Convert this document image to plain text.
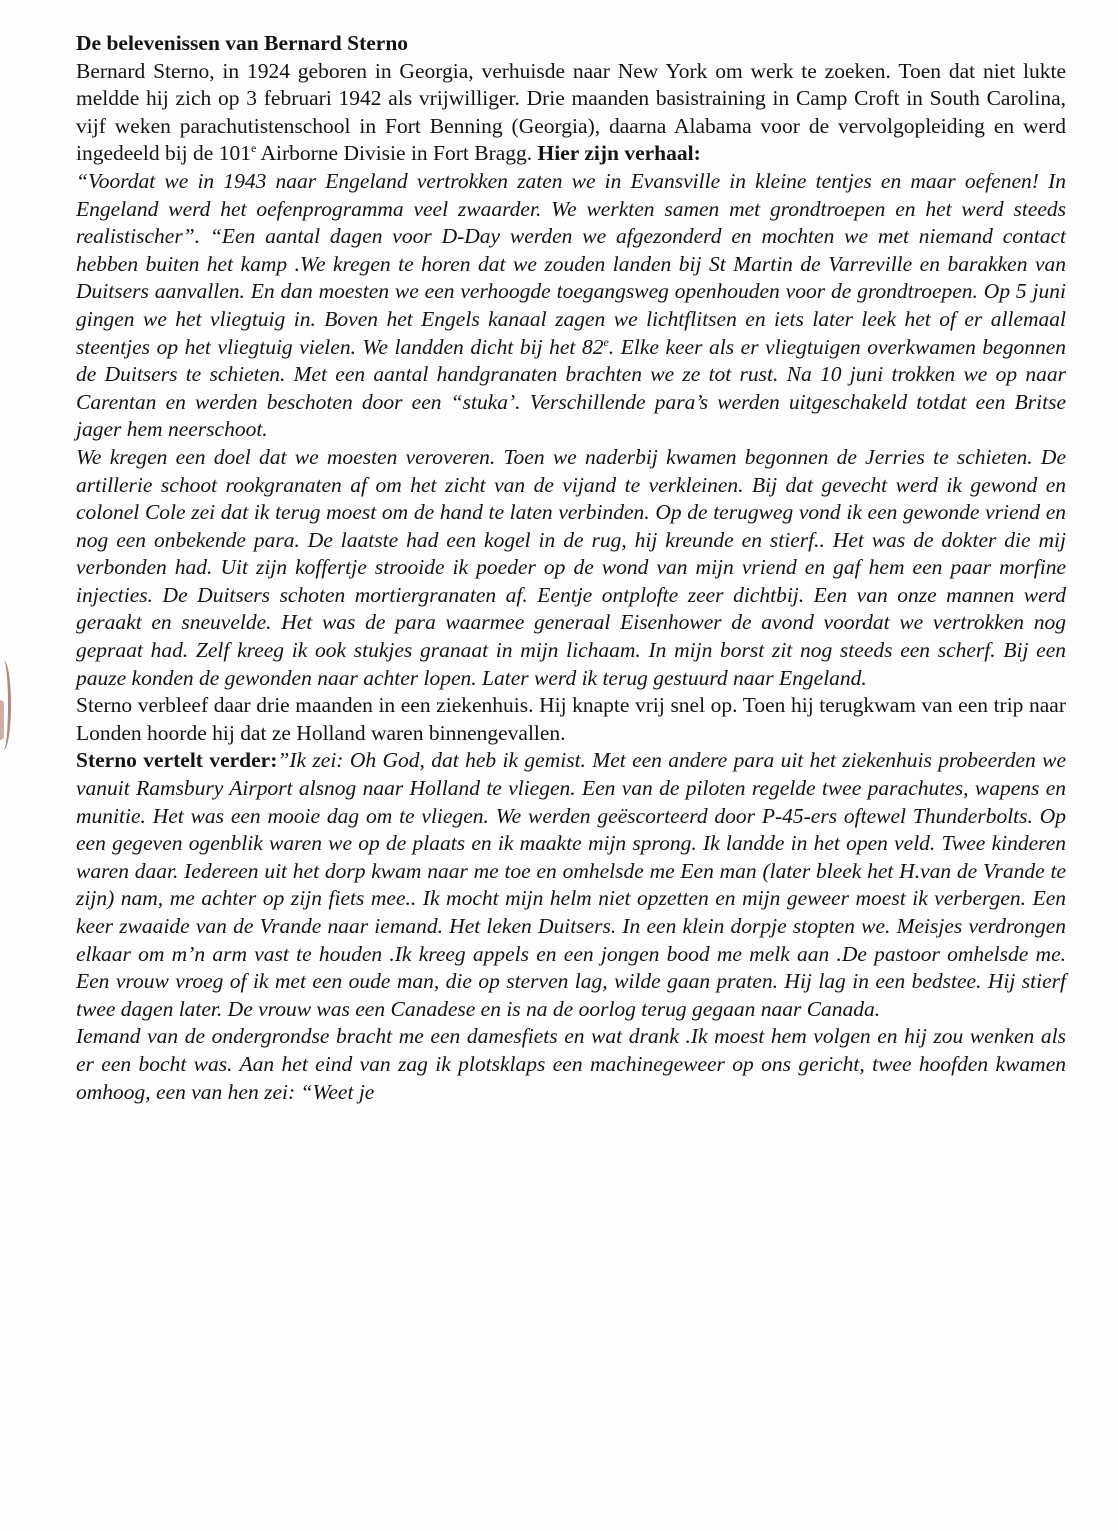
De belevenissen van Bernard Sterno

Bernard Sterno, in 1924 geboren in Georgia, verhuisde naar New York om werk te zoeken. Toen dat niet lukte meldde hij zich op 3 februari 1942 als vrijwilliger. Drie maanden basistraining in Camp Croft in South Carolina, vijf weken parachutistenschool in Fort Benning (Georgia), daarna Alabama voor de vervolgopleiding en werd ingedeeld bij de 101e Airborne Divisie in Fort Bragg. Hier zijn verhaal:

“Voordat we in 1943 naar Engeland vertrokken zaten we in Evansville in kleine tentjes en maar oefenen! In Engeland werd het oefenprogramma veel zwaarder. We werkten samen met grondtroepen en het werd steeds realistischer”. “Een aantal dagen voor D-Day werden we afgezonderd en mochten we met niemand contact hebben buiten het kamp .We kregen te horen dat we zouden landen bij St Martin de Varreville en barakken van Duitsers aanvallen. En dan moesten we een verhoogde toegangsweg openhouden voor de grondtroepen. Op 5 juni gingen we het vliegtuig in. Boven het Engels kanaal zagen we lichtflitsen en iets later leek het of er allemaal steentjes op het vliegtuig vielen. We landden dicht bij het 82e. Elke keer als er vliegtuigen overkwamen begonnen de Duitsers te schieten. Met een aantal handgranaten brachten we ze tot rust. Na 10 juni trokken we op naar Carentan en werden beschoten door een “stuka’. Verschillende para’s werden uitgeschakeld totdat een Britse jager hem neerschoot.

We kregen een doel dat we moesten veroveren. Toen we naderbij kwamen begonnen de Jerries te schieten. De artillerie schoot rookgranaten af om het zicht van de vijand te verkleinen. Bij dat gevecht werd ik gewond en colonel Cole zei dat ik terug moest om de hand te laten verbinden. Op de terugweg vond ik een gewonde vriend en nog een onbekende para. De laatste had een kogel in de rug, hij kreunde en stierf.. Het was de dokter die mij verbonden had. Uit zijn koffertje strooide ik poeder op de wond van mijn vriend en gaf hem een paar morfine injecties. De Duitsers schoten mortiergranaten af. Eentje ontplofte zeer dichtbij. Een van onze mannen werd geraakt en sneuvelde. Het was de para waarmee generaal Eisenhower de avond voordat we vertrokken nog gepraat had. Zelf kreeg ik ook stukjes granaat in mijn lichaam. In mijn borst zit nog steeds een scherf. Bij een pauze konden de gewonden naar achter lopen. Later werd ik terug gestuurd naar Engeland.

Sterno verbleef daar drie maanden in een ziekenhuis. Hij knapte vrij snel op. Toen hij terugkwam van een trip naar Londen hoorde hij dat ze Holland waren binnengevallen.

Sterno vertelt verder:”Ik zei: Oh God, dat heb ik gemist. Met een andere para uit het ziekenhuis probeerden we vanuit Ramsbury Airport alsnog naar Holland te vliegen. Een van de piloten regelde twee parachutes, wapens en munitie. Het was een mooie dag om te vliegen. We werden geëscorteerd door P-45-ers oftewel Thunderbolts. Op een gegeven ogenblik waren we op de plaats en ik maakte mijn sprong. Ik landde in het open veld. Twee kinderen waren daar. Iedereen uit het dorp kwam naar me toe en omhelsde me Een man (later bleek het H.van de Vrande te zijn) nam, me achter op zijn fiets mee.. Ik mocht mijn helm niet opzetten en mijn geweer moest ik verbergen. Een keer zwaaide van de Vrande naar iemand. Het leken Duitsers. In een klein dorpje stopten we. Meisjes verdrongen elkaar om m’n arm vast te houden .Ik kreeg appels en een jongen bood me melk aan .De pastoor omhelsde me. Een vrouw vroeg of ik met een oude man, die op sterven lag, wilde gaan praten. Hij lag in een bedstee. Hij stierf twee dagen later. De vrouw was een Canadese en is na de oorlog terug gegaan naar Canada.

Iemand van de ondergrondse bracht me een damesfiets en wat drank .Ik moest hem volgen en hij zou wenken als er een bocht was. Aan het eind van zag ik plotsklaps een machinegeweer op ons gericht, twee hoofden kwamen omhoog, een van hen zei: “Weet je
